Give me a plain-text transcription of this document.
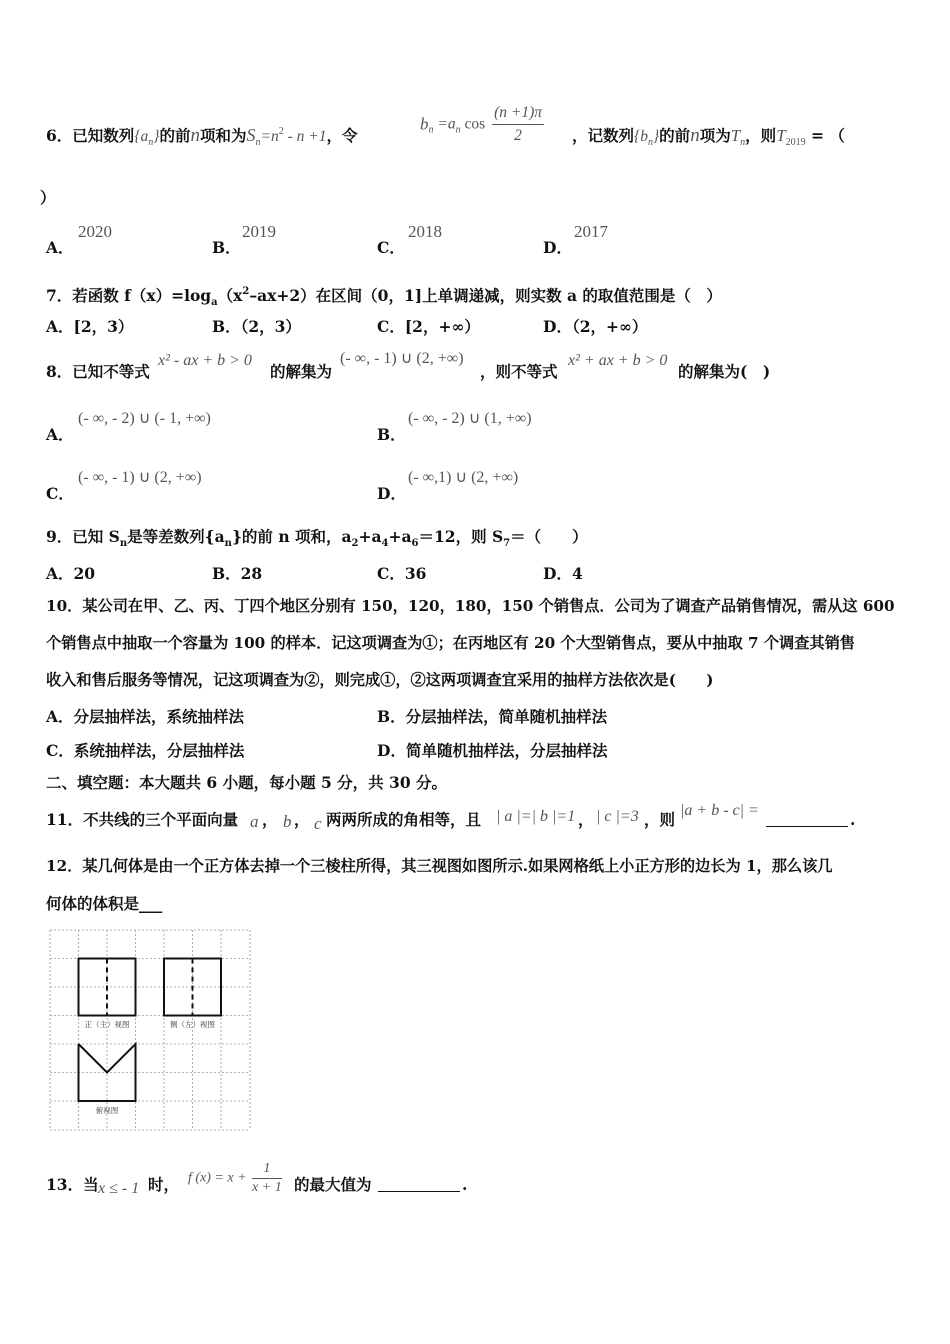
6．已知数列$\{a_n\}$的前n项和为$S_n=n^2 - n +1$，令
$b_n =a_n$ $\cos \frac{(n +1)\pi}{2}$ ，记数列$\{b_n\}$的前n项为$T_n$，则$T_{2019}$ = （
）
A．
2020
B．
2019
C．
2018
D．
2017
7．若函数 $f(x)=\log_a(x^2-ax+2)$在区间（0，1]上单调递减，则实数 a 的取值范围是（　）
A．[2，3）	B．（2，3）	C．[2，+∞）	D．（2，+∞）
8．已知不等式
x² - ax + b > 0
的解集为
(- ∞, - 1) ∪ (2, +∞)
，则不等式
x² + ax + b > 0
的解集为(　)
A．
(- ∞, - 2) ∪ (- 1, +∞)
B．
(- ∞, - 2) ∪ (1, +∞)
C．
(- ∞, - 1) ∪ (2, +∞)
D．
(- ∞,1) ∪ (2, +∞)
9．已知 $S_n$是等差数列$\{a_n\}$的前 n 项和，$a_2+a_4+a_6=12$，则 $S_7=$（　　）
A．20	B．28	C．36	D．4
10．某公司在甲、乙、丙、丁四个地区分别有 150，120，180，150 个销售点．公司为了调查产品销售情况，需从这 600
个销售点中抽取一个容量为 100 的样本．记这项调查为①；在丙地区有 20 个大型销售点，要从中抽取 7 个调查其销售
收入和售后服务等情况，记这项调查为②，则完成①，②这两项调查宜采用的抽样方法依次是(　　)
A．分层抽样法，系统抽样法	B．分层抽样法，简单随机抽样法
C．系统抽样法，分层抽样法	D．简单随机抽样法，分层抽样法
二、填空题：本大题共 6 小题，每小题 5 分，共 30 分。
11．不共线的三个平面向量 a ， b ， c 两两所成的角相等，且 | a |=| b |=1 ， | c |=3 ，则 |a + b - c| =	.
12．某几何体是由一个正方体去掉一个三棱柱所得，其三视图如图所示.如果网格纸上小正方形的边长为 1，那么该几
何体的体积是___
正（主）视图	侧（左）视图
俯视图
13．当 x ≤ - 1 时， f $(x) = x + \frac{1}{x + 1}$ 的最大值为	.
